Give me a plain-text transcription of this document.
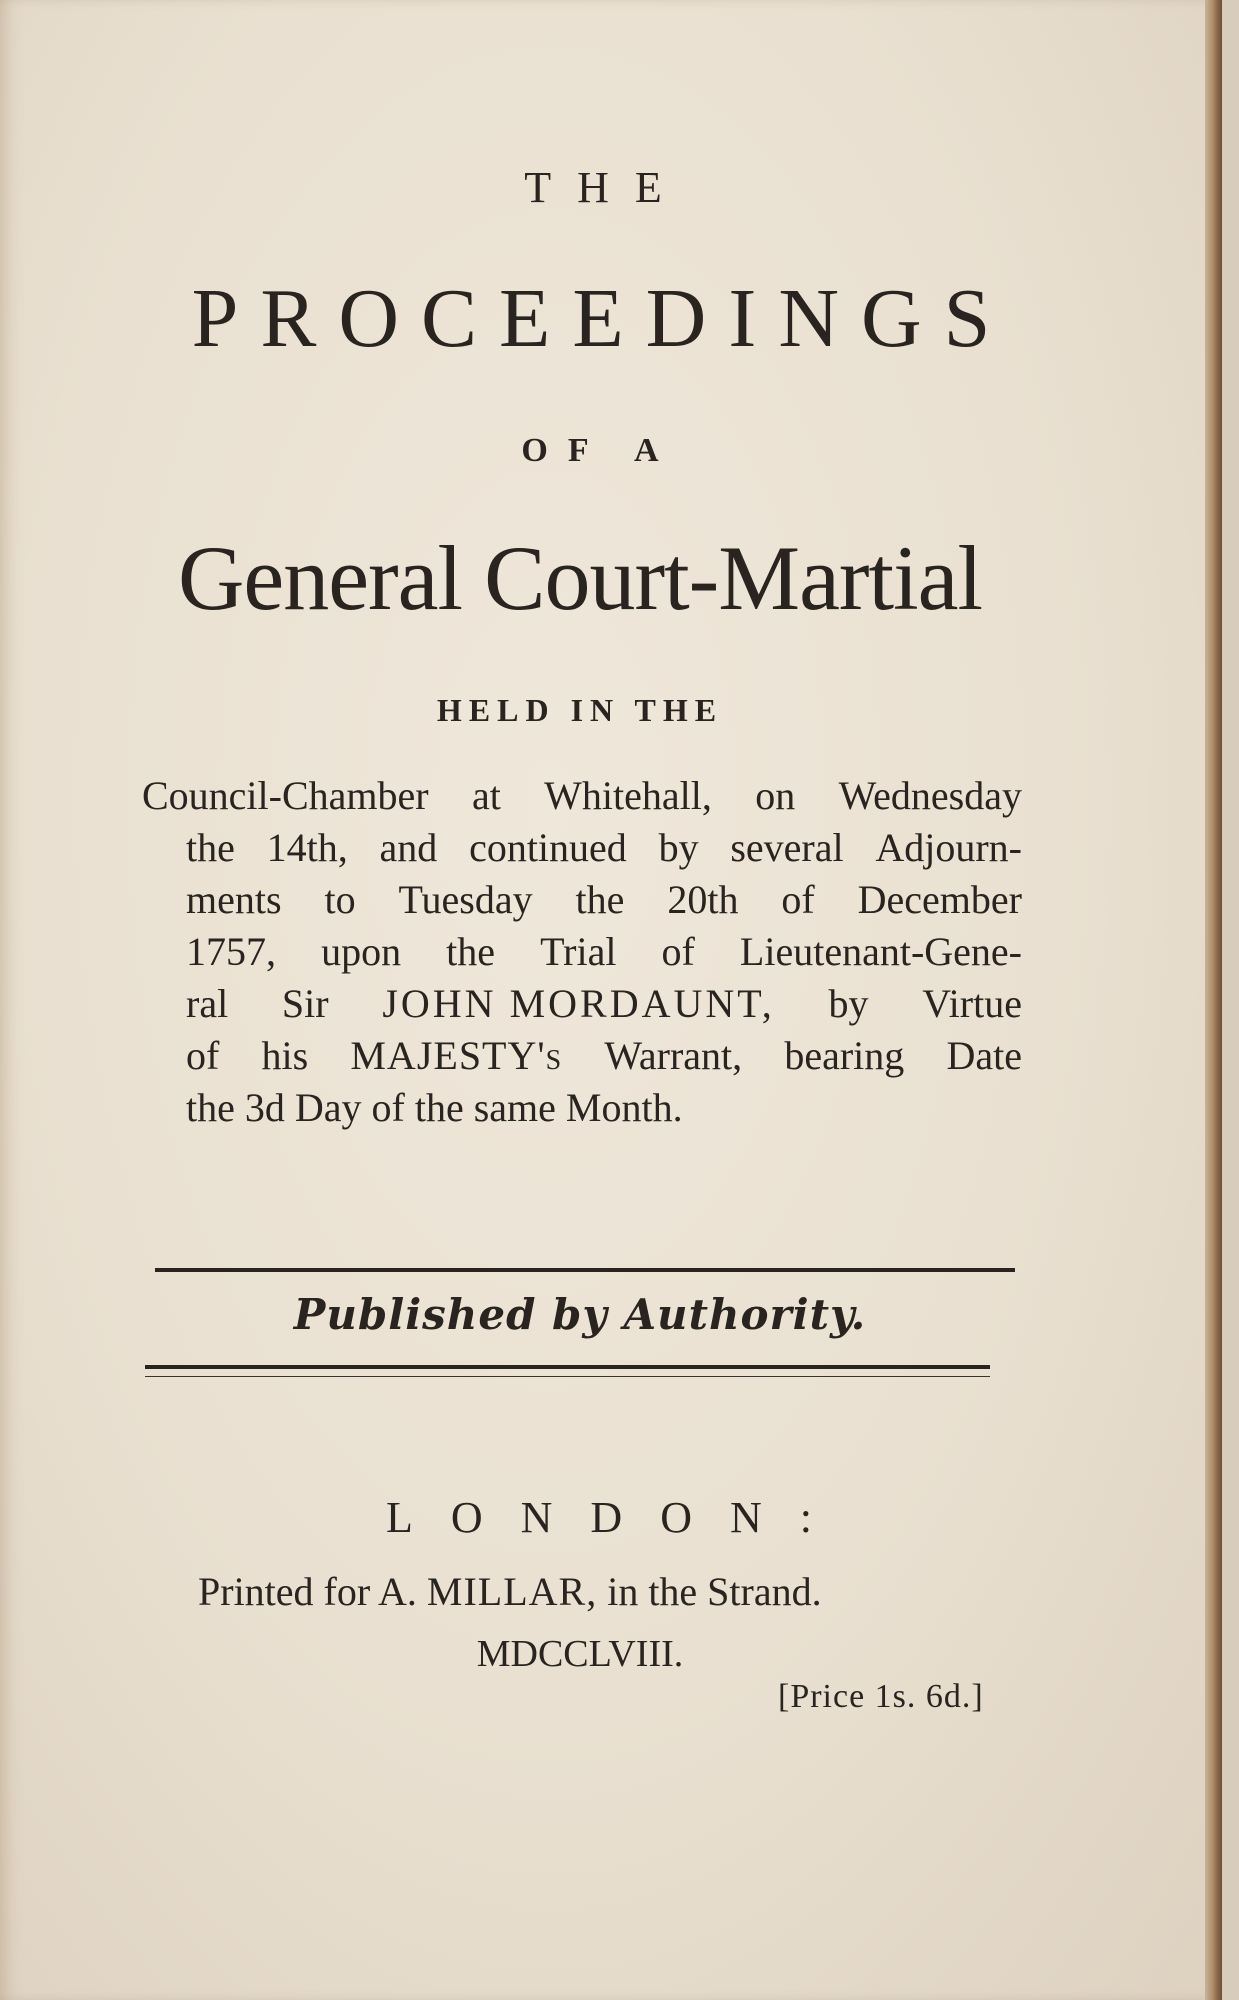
THE
PROCEEDINGS
OF A
General Court-Martial
HELD IN THE
Council-Chamber at Whitehall, on Wednesday
the 14th, and continued by several Adjourn-
ments to Tuesday the 20th of December
1757, upon the Trial of Lieutenant-Gene-
ral Sir JOHN MORDAUNT, by Virtue
of his MAJESTY's Warrant, bearing Date
the
3d
Day
of
the
same
Month.
Published by Authority.
LONDON:
Printed for A. MILLAR, in the Strand.
MDCCLVIII.
[Price 1s. 6d.]
